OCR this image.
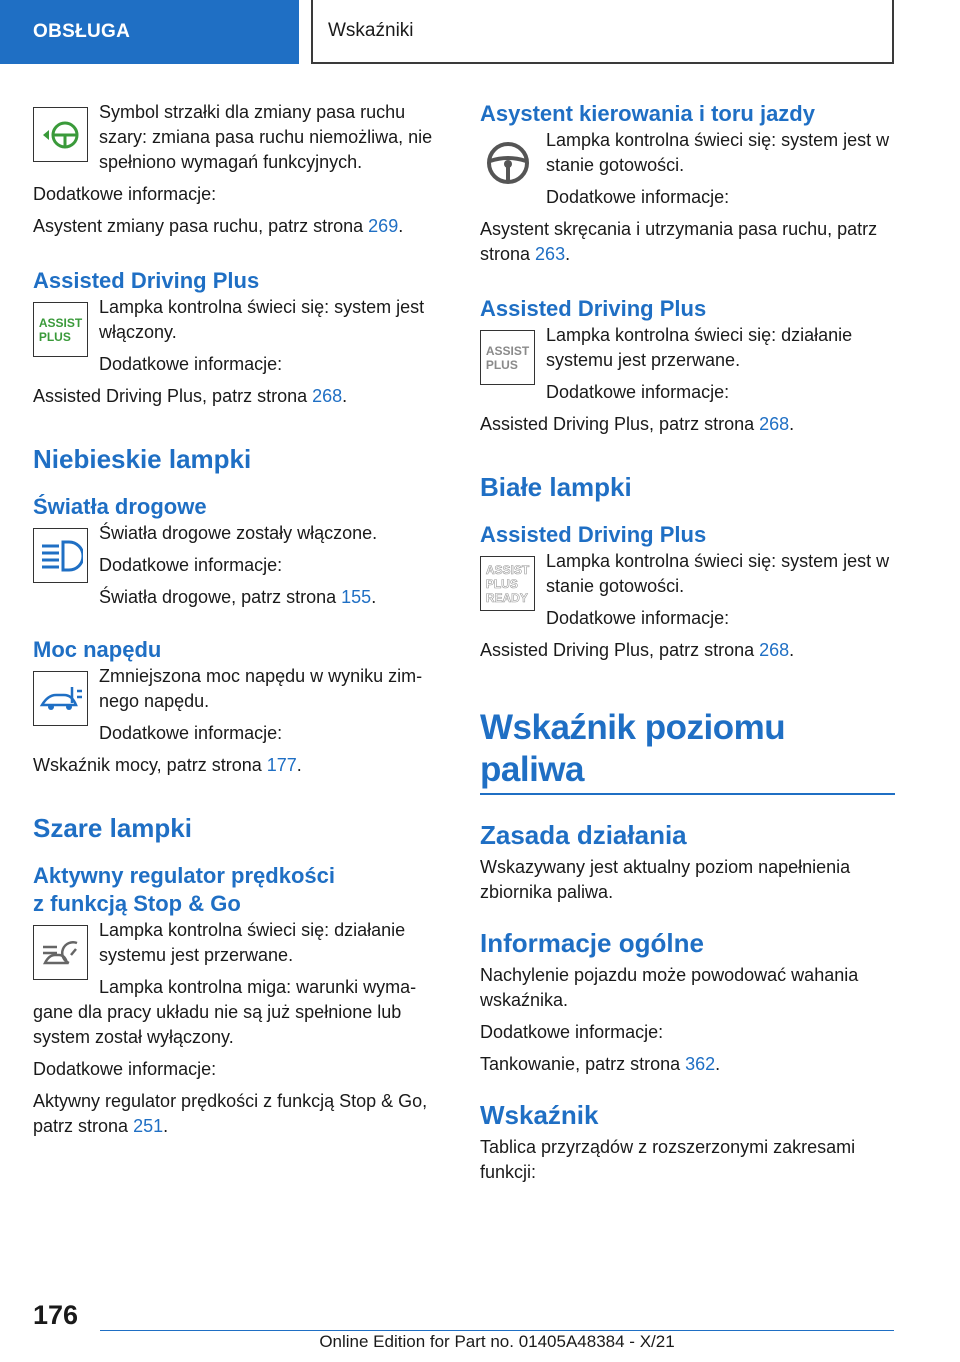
OBSŁUGA	Wskaźniki

Symbol strzałki dla zmiany pasa ruchu szary: zmiana pasa ruchu niemożliwa, nie spełniono wymagań funkcyjnych.

Dodatkowe informacje:

Asystent zmiany pasa ruchu, patrz strona 269.

Assisted Driving Plus
ASSIST
PLUS

Lampka kontrolna świeci się: system jest włączony.

Dodatkowe informacje:

Assisted Driving Plus, patrz strona 268.

Niebieskie lampki
Światła drogowe

Światła drogowe zostały włączone.

Dodatkowe informacje:

Światła drogowe, patrz strona 155.

Moc napędu

Zmniejszona moc napędu w wyniku zim- nego napędu.

Dodatkowe informacje:

Wskaźnik mocy, patrz strona 177.

Szare lampki
Aktywny regulator prędkości
z funkcją Stop & Go

Lampka kontrolna świeci się: działanie systemu jest przerwane.

Lampka kontrolna miga: warunki wyma- gane dla pracy układu nie są już spełnione lub system został wyłączony.

Dodatkowe informacje:

Aktywny regulator prędkości z funkcją Stop & Go, patrz strona 251.

Asystent kierowania i toru jazdy

Lampka kontrolna świeci się: system jest w stanie gotowości.

Dodatkowe informacje:

Asystent skręcania i utrzymania pasa ruchu, patrz strona 263.

Assisted Driving Plus
ASSIST
PLUS

Lampka kontrolna świeci się: działanie systemu jest przerwane.

Dodatkowe informacje:

Assisted Driving Plus, patrz strona 268.

Białe lampki
Assisted Driving Plus
ASSIST
PLUS
READY

Lampka kontrolna świeci się: system jest w stanie gotowości.

Dodatkowe informacje:

Assisted Driving Plus, patrz strona 268.

Wskaźnik poziomu paliwa
Zasada działania

Wskazywany jest aktualny poziom napełnienia zbiornika paliwa.

Informacje ogólne

Nachylenie pojazdu może powodować wahania wskaźnika.

Dodatkowe informacje:

Tankowanie, patrz strona 362.

Wskaźnik

Tablica przyrządów z rozszerzonymi zakresami funkcji:

176
Online Edition for Part no. 01405A48384 - X/21
